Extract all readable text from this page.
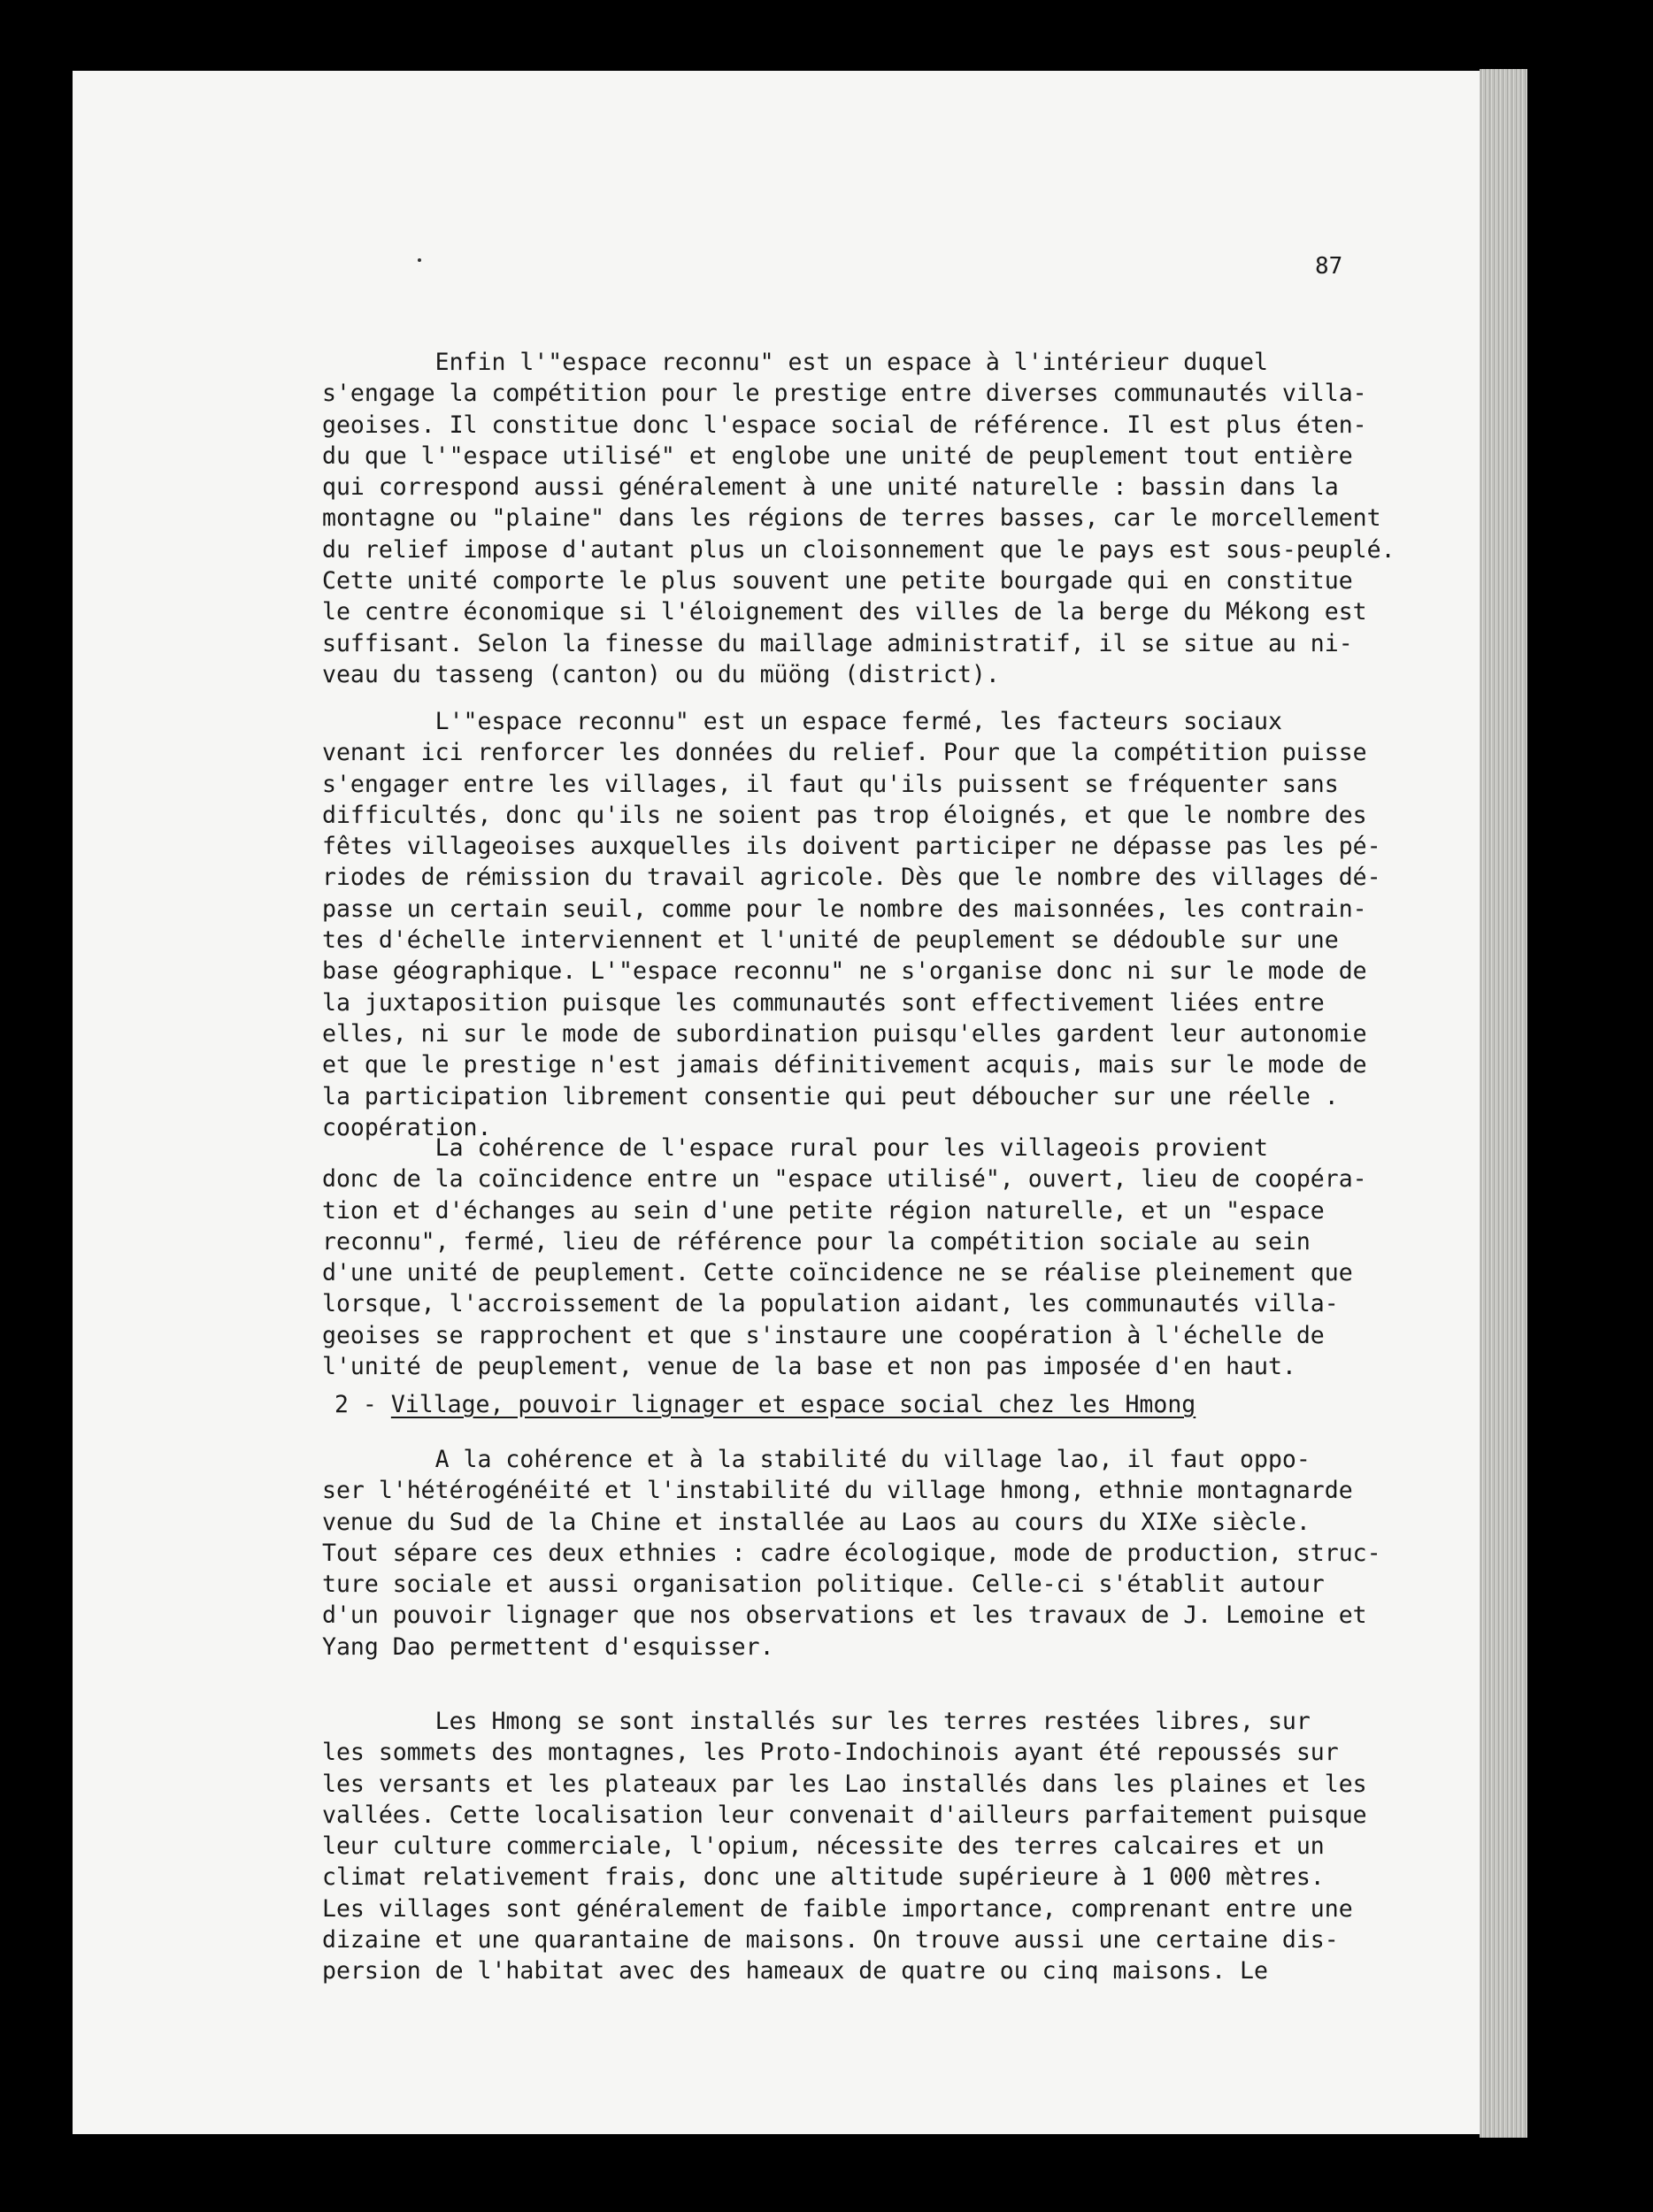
87
Enfin l'"espace reconnu" est un espace à l'intérieur duquel
s'engage la compétition pour le prestige entre diverses communautés villa-
geoises. Il constitue donc l'espace social de référence. Il est plus éten-
du que l'"espace utilisé" et englobe une unité de peuplement tout entière
qui correspond aussi généralement à une unité naturelle : bassin dans la
montagne ou "plaine" dans les régions de terres basses, car le morcellement
du relief impose d'autant plus un cloisonnement que le pays est sous-peuplé.
Cette unité comporte le plus souvent une petite bourgade qui en constitue
le centre économique si l'éloignement des villes de la berge du Mékong est
suffisant. Selon la finesse du maillage administratif, il se situe au ni-
veau du tasseng (canton) ou du müöng (district).
L'"espace reconnu" est un espace fermé, les facteurs sociaux
venant ici renforcer les données du relief. Pour que la compétition puisse
s'engager entre les villages, il faut qu'ils puissent se fréquenter sans
difficultés, donc qu'ils ne soient pas trop éloignés, et que le nombre des
fêtes villageoises auxquelles ils doivent participer ne dépasse pas les pé-
riodes de rémission du travail agricole. Dès que le nombre des villages dé-
passe un certain seuil, comme pour le nombre des maisonnées, les contrain-
tes d'échelle interviennent et l'unité de peuplement se dédouble sur une
base géographique. L'"espace reconnu" ne s'organise donc ni sur le mode de
la juxtaposition puisque les communautés sont effectivement liées entre
elles, ni sur le mode de subordination puisqu'elles gardent leur autonomie
et que le prestige n'est jamais définitivement acquis, mais sur le mode de
la participation librement consentie qui peut déboucher sur une réelle .
coopération.
La cohérence de l'espace rural pour les villageois provient
donc de la coïncidence entre un "espace utilisé", ouvert, lieu de coopéra-
tion et d'échanges au sein d'une petite région naturelle, et un "espace
reconnu", fermé, lieu de référence pour la compétition sociale au sein
d'une unité de peuplement. Cette coïncidence ne se réalise pleinement que
lorsque, l'accroissement de la population aidant, les communautés villa-
geoises se rapprochent et que s'instaure une coopération à l'échelle de
l'unité de peuplement, venue de la base et non pas imposée d'en haut.
2 - Village, pouvoir lignager et espace social chez les Hmong
A la cohérence et à la stabilité du village lao, il faut oppo-
ser l'hétérogénéité et l'instabilité du village hmong, ethnie montagnarde
venue du Sud de la Chine et installée au Laos au cours du XIXe siècle.
Tout sépare ces deux ethnies : cadre écologique, mode de production, struc-
ture sociale et aussi organisation politique. Celle-ci s'établit autour
d'un pouvoir lignager que nos observations et les travaux de J. Lemoine et
Yang Dao permettent d'esquisser.
Les Hmong se sont installés sur les terres restées libres, sur
les sommets des montagnes, les Proto-Indochinois ayant été repoussés sur
les versants et les plateaux par les Lao installés dans les plaines et les
vallées. Cette localisation leur convenait d'ailleurs parfaitement puisque
leur culture commerciale, l'opium, nécessite des terres calcaires et un
climat relativement frais, donc une altitude supérieure à 1 000 mètres.
Les villages sont généralement de faible importance, comprenant entre une
dizaine et une quarantaine de maisons. On trouve aussi une certaine dis-
persion de l'habitat avec des hameaux de quatre ou cinq maisons. Le
